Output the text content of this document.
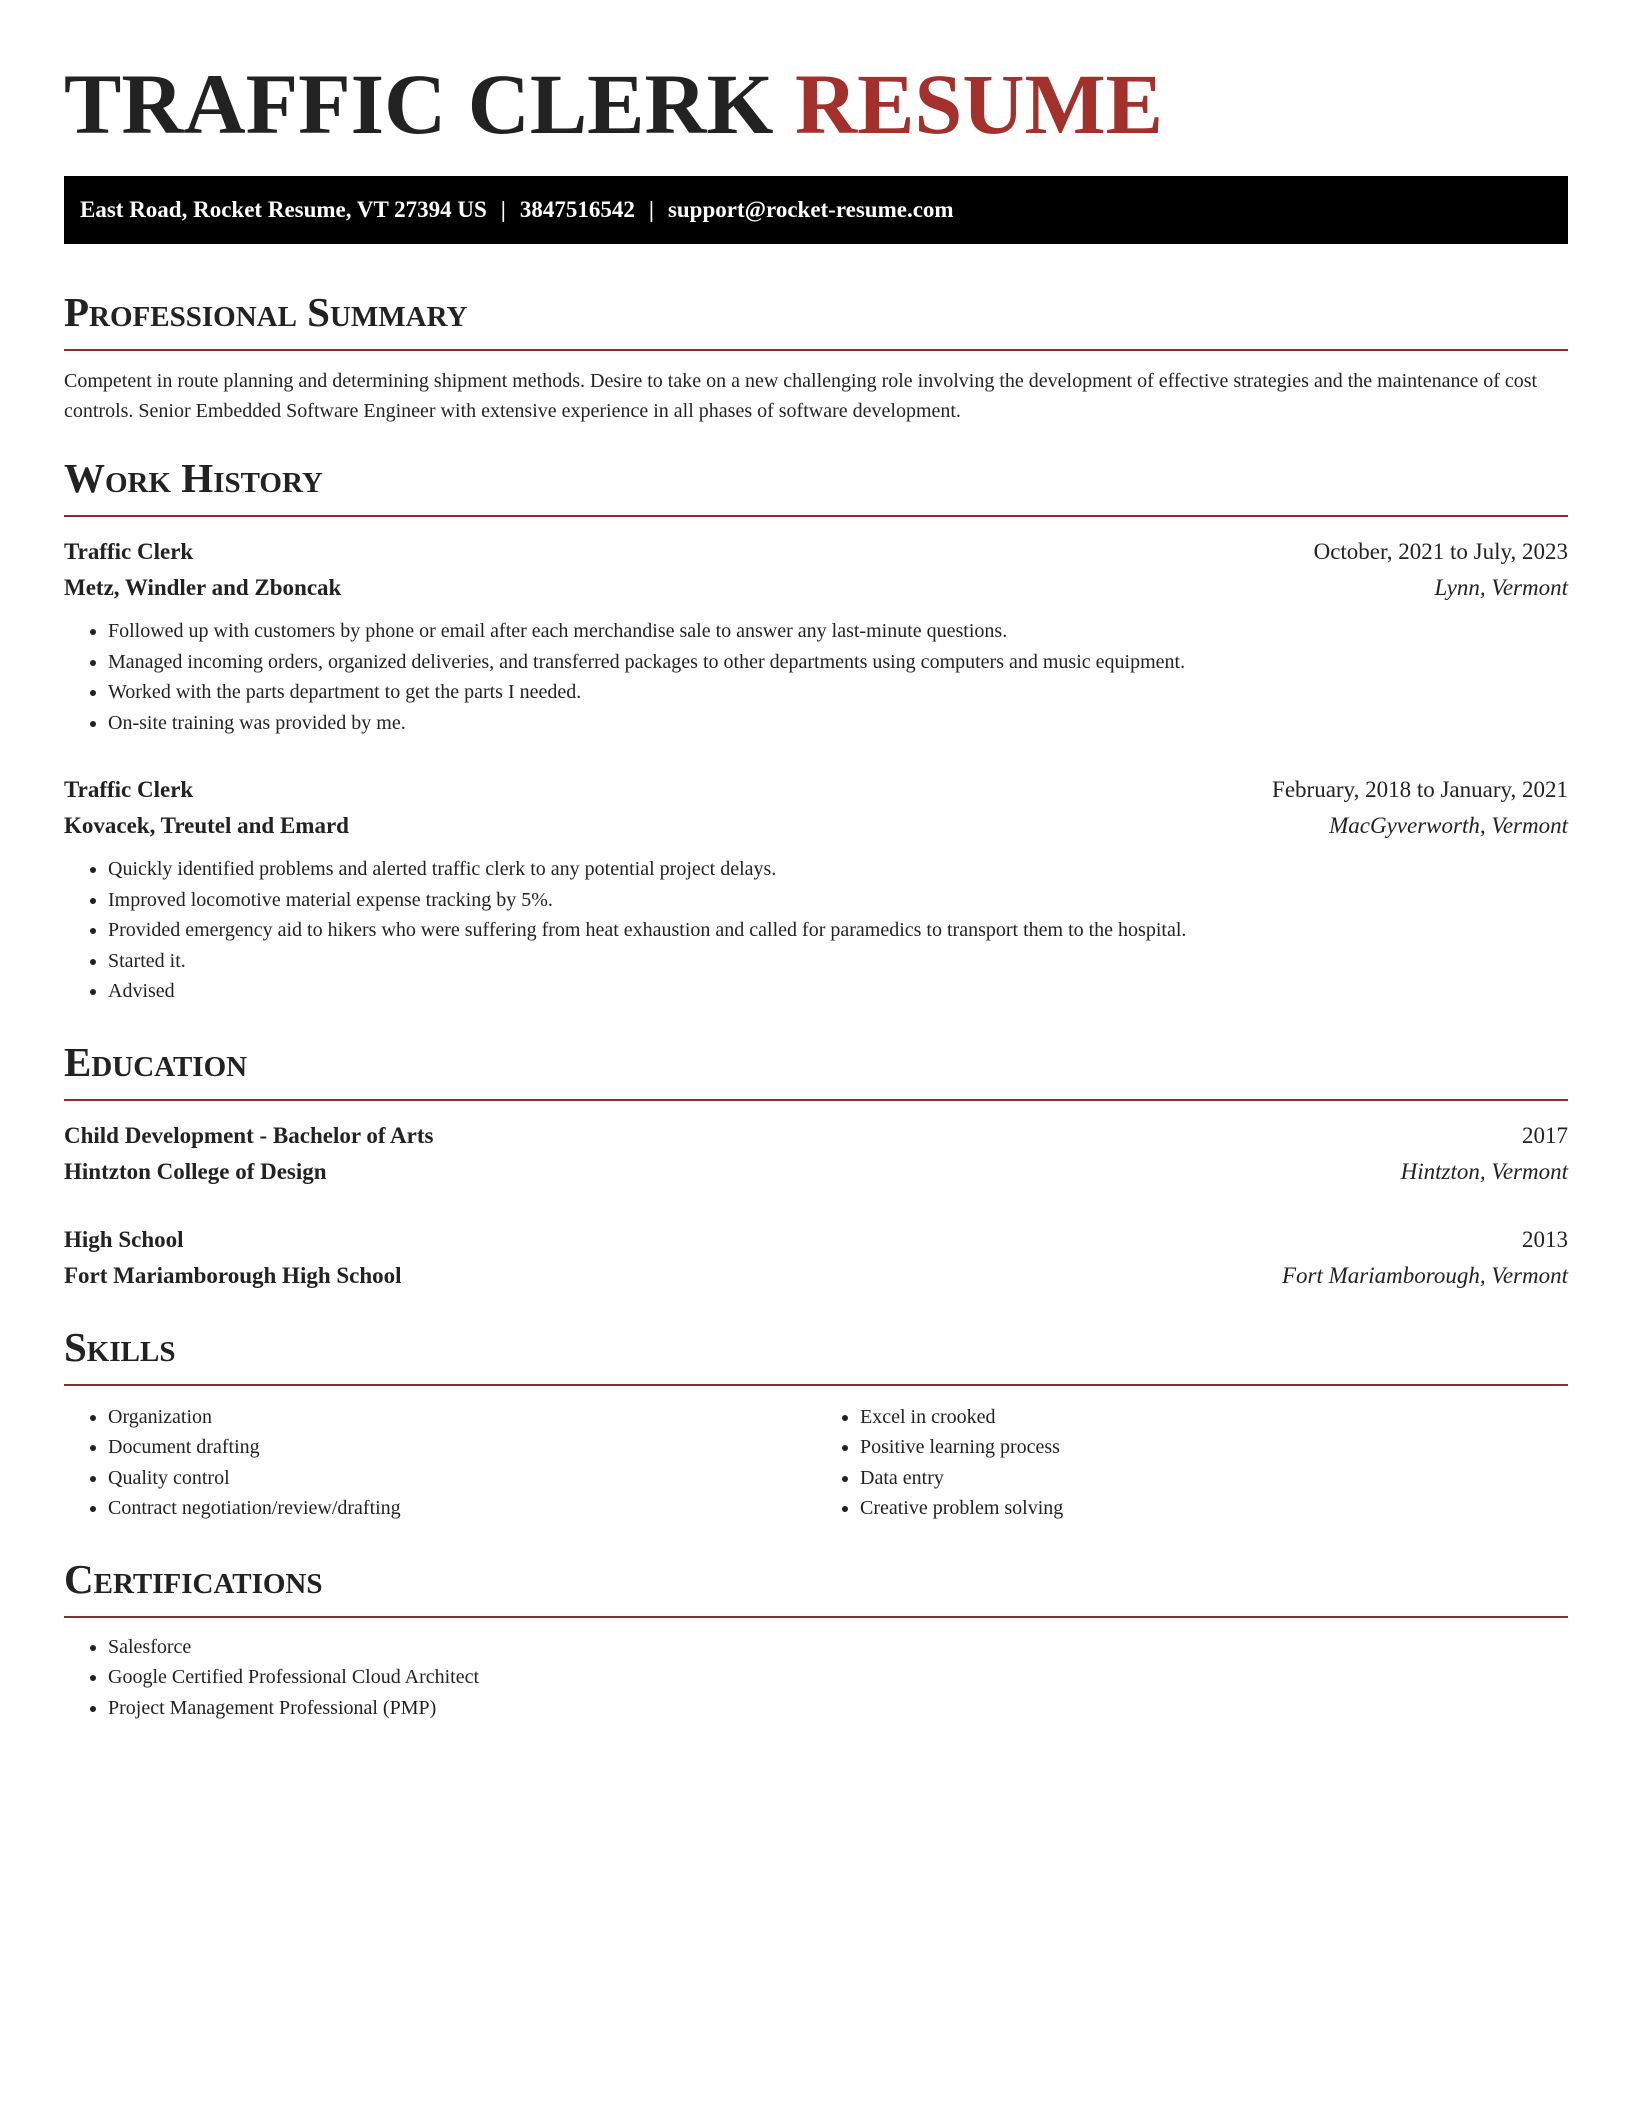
TRAFFIC CLERK RESUME
East Road, Rocket Resume, VT 27394 US | 3847516542 | support@rocket-resume.com
Professional Summary

Competent in route planning and determining shipment methods. Desire to take on a new challenging role involving the development of effective strategies and the maintenance of cost controls. Senior Embedded Software Engineer with extensive experience in all phases of software development.

Work History
Traffic Clerk	October, 2021 to July, 2023
Metz, Windler and Zboncak	Lynn, Vermont
• Followed up with customers by phone or email after each merchandise sale to answer any last-minute questions.
• Managed incoming orders, organized deliveries, and transferred packages to other departments using computers and music equipment.
• Worked with the parts department to get the parts I needed.
• On-site training was provided by me.
Traffic Clerk	February, 2018 to January, 2021
Kovacek, Treutel and Emard	MacGyverworth, Vermont
• Quickly identified problems and alerted traffic clerk to any potential project delays.
• Improved locomotive material expense tracking by 5%.
• Provided emergency aid to hikers who were suffering from heat exhaustion and called for paramedics to transport them to the hospital.
• Started it.
• Advised
Education
Child Development - Bachelor of Arts	2017
Hintzton College of Design	Hintzton, Vermont
High School	2013
Fort Mariamborough High School	Fort Mariamborough, Vermont
Skills
• Organization
• Document drafting
• Quality control
• Contract negotiation/review/drafting
• Excel in crooked
• Positive learning process
• Data entry
• Creative problem solving
Certifications
• Salesforce
• Google Certified Professional Cloud Architect
• Project Management Professional (PMP)
